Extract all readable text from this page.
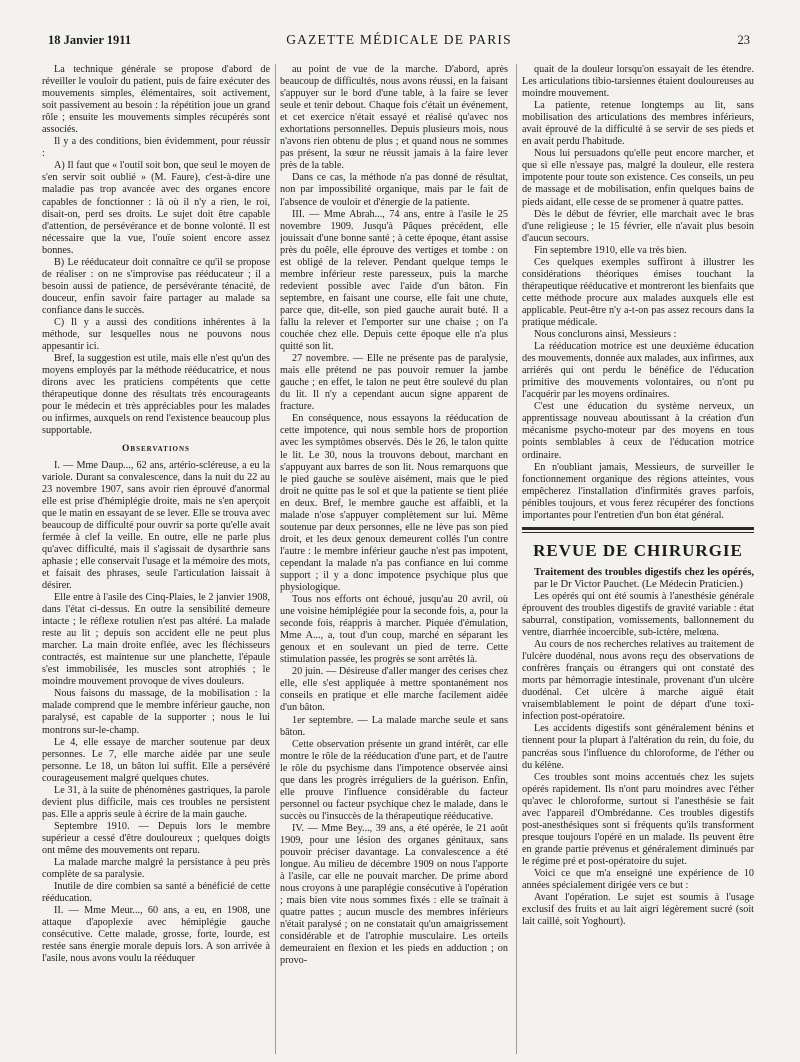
18 Janvier 1911	GAZETTE MÉDICALE DE PARIS	23

La technique générale se propose d'abord de réveiller le vouloir du patient, puis de faire exécuter des mouvements simples, élémentaires, soit activement, soit passivement au besoin : la répétition joue un grand rôle ; ensuite les mouvements simples récupérés sont associés.

Il y a des conditions, bien évidemment, pour réussir :

A) Il faut que « l'outil soit bon, que seul le moyen de s'en servir soit oublié » (M. Faure), c'est-à-dire une maladie pas trop avancée avec des organes encore capables de fonctionner : là où il n'y a rien, le roi, disait-on, perd ses droits. Le sujet doit être capable d'attention, de persévérance et de bonne volonté. Il est nécessaire que la vue, l'ouïe soient encore assez bonnes.

B) Le rééducateur doit connaître ce qu'il se propose de réaliser : on ne s'improvise pas rééducateur ; il a besoin aussi de patience, de persévérante ténacité, de douceur, enfin savoir faire partager au malade sa confiance dans le succès.

C) Il y a aussi des conditions inhérentes à la méthode, sur lesquelles nous ne pouvons nous appesantir ici.

Bref, la suggestion est utile, mais elle n'est qu'un des moyens employés par la méthode rééducatrice, et nous dirons avec les praticiens compétents que cette thérapeutique donne des résultats très encourageants pour le médecin et très appréciables pour les malades ou infirmes, auxquels on rend l'existence beaucoup plus supportable.

Observations

I. — Mme Daup..., 62 ans, artério-scléreuse, a eu la variole. Durant sa convalescence, dans la nuit du 22 au 23 novembre 1907, sans avoir rien éprouvé d'anormal elle est prise d'hémiplégie droite, mais ne s'en aperçoit que le matin en essayant de se lever. Elle se trouva avec beaucoup de difficulté pour ouvrir sa porte qu'elle avait fermée à clef la veille. En outre, elle ne parle plus qu'avec difficulté, mais il s'agissait de dysarthrie sans aphasie ; elle conservait l'usage et la mémoire des mots, et faisait des phrases, seule l'articulation laissait à désirer.

Elle entre à l'asile des Cinq-Plaies, le 2 janvier 1908, dans l'état ci-dessus. En outre la sensibilité demeure intacte ; le réflexe rotulien n'est pas altéré. La malade reste au lit ; depuis son accident elle ne peut plus marcher. La main droite enflée, avec les fléchisseurs contractés, est maintenue sur une planchette, l'épaule s'est immobilisée, les muscles sont atrophiés ; le moindre mouvement provoque de vives douleurs.

Nous faisons du massage, de la mobilisation : la malade comprend que le membre inférieur gauche, non paralysé, est capable de la supporter ; nous le lui montrons sur-le-champ.

Le 4, elle essaye de marcher soutenue par deux personnes. Le 7, elle marche aidée par une seule personne. Le 18, un bâton lui suffit. Elle a persévéré courageusement malgré quelques chutes.

Le 31, à la suite de phénomènes gastriques, la parole devient plus difficile, mais ces troubles ne persistent pas. Elle a appris seule à écrire de la main gauche.

Septembre 1910. — Depuis lors le membre supérieur a cessé d'être douloureux ; quelques doigts ont même des mouvements ont reparu.

La malade marche malgré la persistance à peu près complète de sa paralysie.

Inutile de dire combien sa santé a bénéficié de cette rééducation.

II. — Mme Meur..., 60 ans, a eu, en 1908, une attaque d'apoplexie avec hémiplégie gauche consécutive. Cette malade, grosse, forte, lourde, est restée sans énergie morale depuis lors. A son arrivée à l'asile, nous avons voulu la rééduquer

au point de vue de la marche. D'abord, après beaucoup de difficultés, nous avons réussi, en la faisant s'appuyer sur le bord d'une table, à la faire se lever seule et tenir debout. Chaque fois c'était un événement, et cet exercice n'était essayé et réalisé qu'avec nos exhortations personnelles. Depuis plusieurs mois, nous n'avons rien obtenu de plus ; et quand nous ne sommes pas présent, la sœur ne réussit jamais à la faire lever près de la table.

Dans ce cas, la méthode n'a pas donné de résultat, non par impossibilité organique, mais par le fait de l'absence de vouloir et d'énergie de la patiente.

III. — Mme Abrah..., 74 ans, entre à l'asile le 25 novembre 1909. Jusqu'à Pâques précédent, elle jouissait d'une bonne santé ; à cette époque, étant assise près du poêle, elle éprouve des vertiges et tombe : on est obligé de la relever. Pendant quelque temps le membre inférieur reste paresseux, puis la marche redevient possible avec l'aide d'un bâton. Fin septembre, en faisant une course, elle fait une chute, parce que, dit-elle, son pied gauche aurait buté. Il a fallu la relever et l'emporter sur une chaise ; on l'a couchée chez elle. Depuis cette époque elle n'a plus quitté son lit.

27 novembre. — Elle ne présente pas de paralysie, mais elle prétend ne pas pouvoir remuer la jambe gauche ; en effet, le talon ne peut être soulevé du plan du lit. Il n'y a cependant aucun signe apparent de fracture.

En conséquence, nous essayons la rééducation de cette impotence, qui nous semble hors de proportion avec les symptômes observés. Dès le 26, le talon quitte le lit. Le 30, nous la trouvons debout, marchant en s'appuyant aux barres de son lit. Nous remarquons que le pied gauche se soulève aisément, mais que le pied droit ne quitte pas le sol et que la patiente se tient pliée en deux. Bref, le membre gauche est affaibli, et la malade n'ose s'appuyer complètement sur lui. Même soutenue par deux personnes, elle ne lève pas son pied droit, et les deux genoux demeurent collés l'un contre l'autre : le membre inférieur gauche n'est pas impotent, cependant la malade n'a pas confiance en lui comme support ; il y a donc impotence psychique plus que physiologique.

Tous nos efforts ont échoué, jusqu'au 20 avril, où une voisine hémiplégiée pour la seconde fois, a, pour la seconde fois, réappris à marcher. Piquée d'émulation, Mme A..., a, tout d'un coup, marché en séparant les genoux et en soulevant un pied de terre. Cette stimulation passée, les progrès se sont arrêtés là.

20 juin. — Désireuse d'aller manger des cerises chez elle, elle s'est appliquée à mettre spontanément nos conseils en pratique et elle marche facilement aidée d'un bâton.

1er septembre. — La malade marche seule et sans bâton.

Cette observation présente un grand intérêt, car elle montre le rôle de la rééducation d'une part, et de l'autre le rôle du psychisme dans l'impotence observée ainsi que dans les progrès irréguliers de la guérison. Enfin, elle prouve l'influence considérable du facteur personnel ou facteur psychique chez le malade, dans le succès ou l'insuccès de la thérapeutique rééducative.

IV. — Mme Bey..., 39 ans, a été opérée, le 21 août 1909, pour une lésion des organes génitaux, sans pouvoir préciser davantage. La convalescence a été longue. Au milieu de décembre 1909 on nous l'apporte à l'asile, car elle ne pouvait marcher. De prime abord nous croyons à une paraplégie consécutive à l'opération ; mais bien vite nous sommes fixés : elle se traînait à quatre pattes ; aucun muscle des membres inférieurs n'était paralysé ; on ne constatait qu'un amaigrissement considérable et de l'atrophie musculaire. Les orteils demeuraient en flexion et les pieds en adduction ; on provo-

quait de la douleur lorsqu'on essayait de les étendre. Les articulations tibio-tarsiennes étaient douloureuses au moindre mouvement.

La patiente, retenue longtemps au lit, sans mobilisation des articulations des membres inférieurs, avait éprouvé de la difficulté à se servir de ses pieds et en avait perdu l'habitude.

Nous lui persuadons qu'elle peut encore marcher, et que si elle n'essaye pas, malgré la douleur, elle restera impotente pour toute son existence. Ces conseils, un peu de massage et de mobilisation, enfin quelques bains de pieds aidant, elle cesse de se promener à quatre pattes.

Dès le début de février, elle marchait avec le bras d'une religieuse ; le 15 février, elle n'avait plus besoin d'aucun secours.

Fin septembre 1910, elle va très bien.

Ces quelques exemples suffiront à illustrer les considérations théoriques émises touchant la thérapeutique rééducative et montreront les bienfaits que cette méthode procure aux malades auxquels elle est applicable. Peut-être n'y a-t-on pas assez recours dans la pratique médicale.

Nous conclurons ainsi, Messieurs :

La rééducation motrice est une deuxième éducation des mouvements, donnée aux malades, aux infirmes, aux arriérés qui ont perdu le bénéfice de l'éducation primitive des mouvements volontaires, ou n'ont pu l'acquérir par les moyens ordinaires.

C'est une éducation du système nerveux, un apprentissage nouveau aboutissant à la création d'un mécanisme psycho-moteur par des moyens en tous points semblables à ceux de l'éducation motrice ordinaire.

En n'oubliant jamais, Messieurs, de surveiller le fonctionnement organique des régions atteintes, vous empêcherez l'installation d'infirmités graves parfois, pénibles toujours, et vous ferez récupérer des fonctions importantes pour l'entretien d'un bon état général.

REVUE DE CHIRURGIE

Traitement des troubles digestifs chez les opérés, par le Dr Victor Pauchet. (Le Médecin Praticien.)

Les opérés qui ont été soumis à l'anesthésie générale éprouvent des troubles digestifs de gravité variable : état saburral, constipation, vomissements, ballonnement du ventre, diarrhée incoercible, sub-ictère, melœna.

Au cours de nos recherches relatives au traitement de l'ulcère duodénal, nous avons reçu des observations de confrères français ou étrangers qui ont constaté des morts par hémorragie intestinale, provenant d'un ulcère duodénal. Cet ulcère à marche aiguë était vraisemblablement le point de départ d'une toxi-infection post-opératoire.

Les accidents digestifs sont généralement bénins et tiennent pour la plupart à l'altération du rein, du foie, du pancréas sous l'influence du chloroforme, de l'éther ou du kélène.

Ces troubles sont moins accentués chez les sujets opérés rapidement. Ils n'ont paru moindres avec l'éther qu'avec le chloroforme, surtout si l'anesthésie se fait avec l'appareil d'Ombrédanne. Ces troubles digestifs post-anesthésiques sont si fréquents qu'ils transforment presque toujours l'opéré en un malade. Ils peuvent être en grande partie prévenus et généralement diminués par le régime pré et post-opératoire du sujet.

Voici ce que m'a enseigné une expérience de 10 années spécialement dirigée vers ce but :

Avant l'opération. Le sujet est soumis à l'usage exclusif des fruits et au lait aigri légèrement sucré (soit lait caillé, soit Yoghourt).
